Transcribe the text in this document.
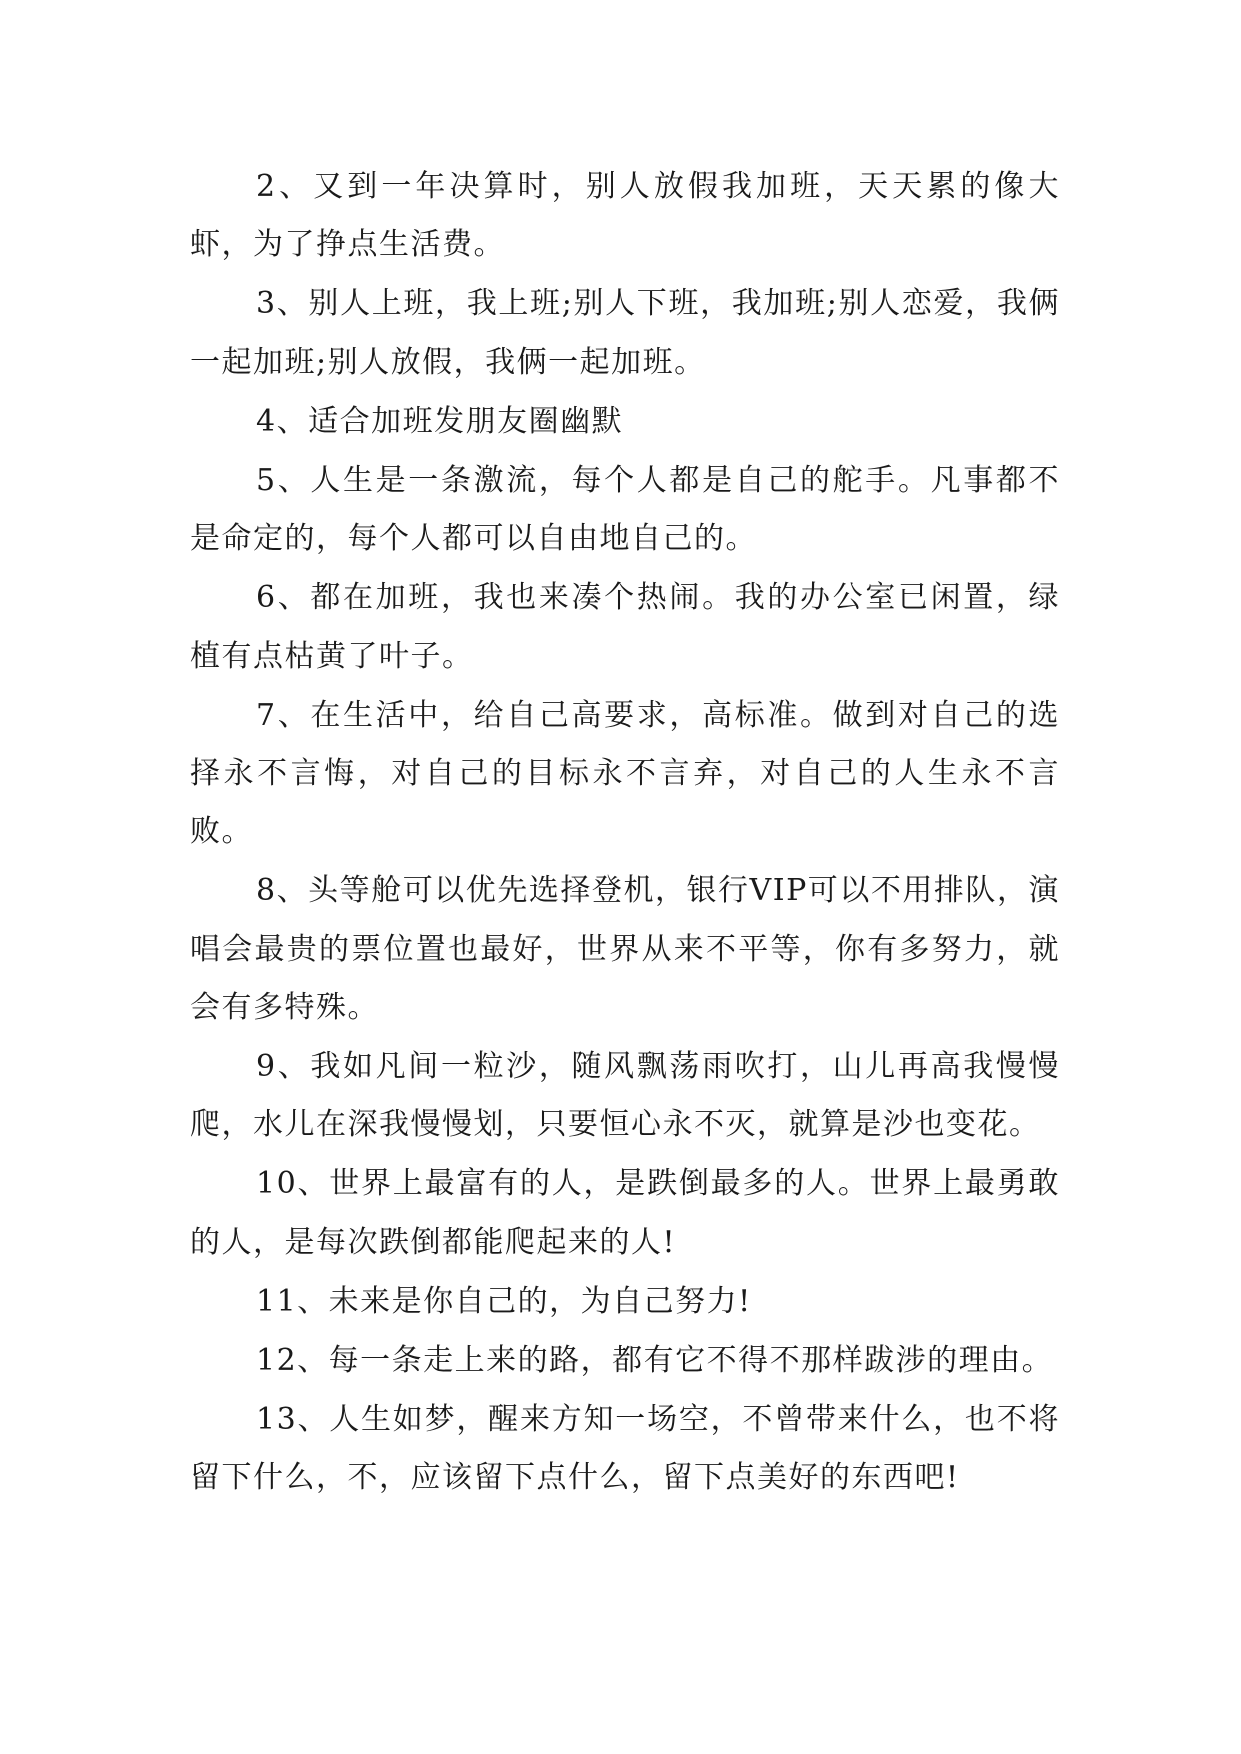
2、又到一年决算时，别人放假我加班，天天累的像大虾，为了挣点生活费。

3、别人上班，我上班;别人下班，我加班;别人恋爱，我俩一起加班;别人放假，我俩一起加班。

4、适合加班发朋友圈幽默

5、人生是一条激流，每个人都是自己的舵手。凡事都不是命定的，每个人都可以自由地自己的。

6、都在加班，我也来凑个热闹。我的办公室已闲置，绿植有点枯黄了叶子。

7、在生活中，给自己高要求，高标准。做到对自己的选择永不言悔，对自己的目标永不言弃，对自己的人生永不言败。

8、头等舱可以优先选择登机，银行VIP可以不用排队，演唱会最贵的票位置也最好，世界从来不平等，你有多努力，就会有多特殊。

9、我如凡间一粒沙，随风飘荡雨吹打，山儿再高我慢慢爬，水儿在深我慢慢划，只要恒心永不灭，就算是沙也变花。

10、世界上最富有的人，是跌倒最多的人。世界上最勇敢的人，是每次跌倒都能爬起来的人!

11、未来是你自己的，为自己努力!

12、每一条走上来的路，都有它不得不那样跋涉的理由。

13、人生如梦，醒来方知一场空，不曾带来什么，也不将留下什么，不，应该留下点什么，留下点美好的东西吧!
